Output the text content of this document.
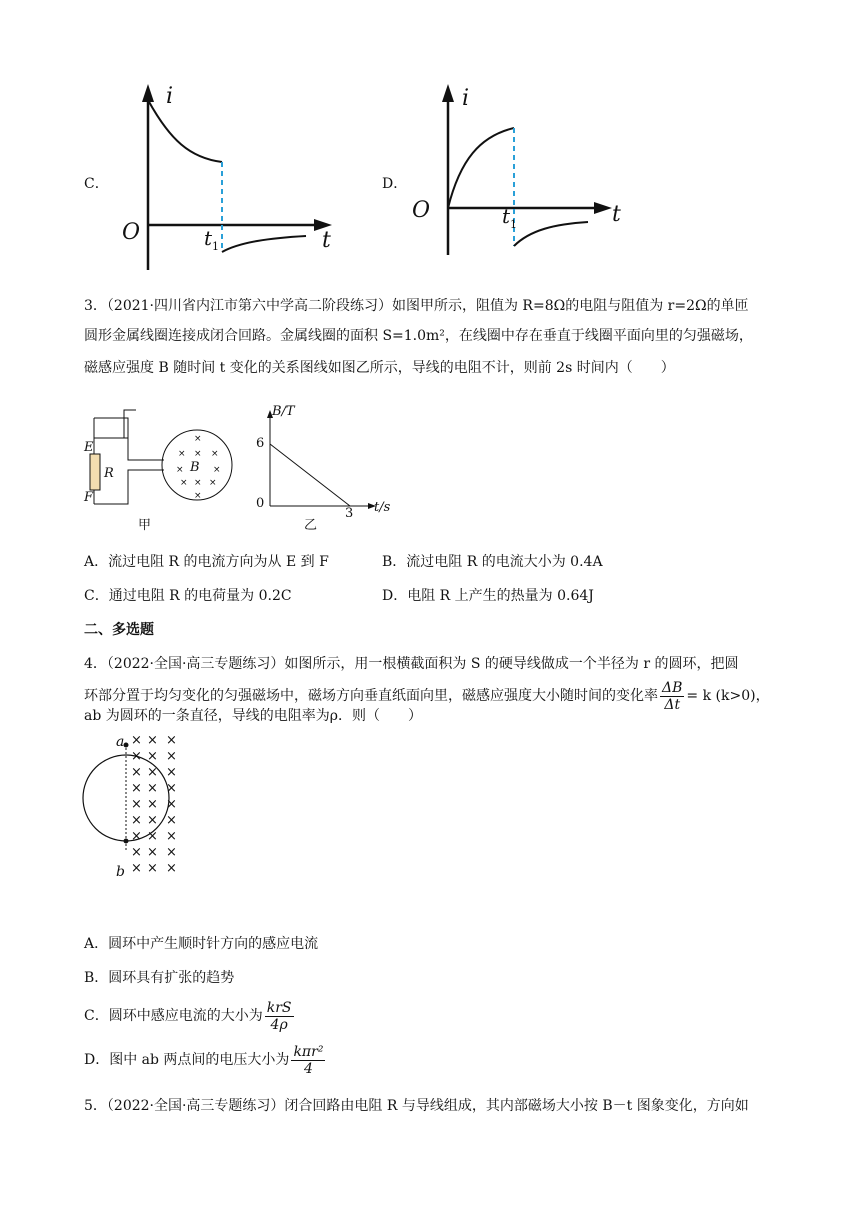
C．
i
t
O	$t_1$
D．
i
t
O	$t_1$
3．（2021·四川省内江市第六中学高二阶段练习）如图甲所示，阻值为 R=8Ω的电阻与阻值为 r=2Ω的单匝
圆形金属线圈连接成闭合回路。金属线圈的面积 S=1.0m²，在线圈中存在垂直于线圈平面向里的匀强磁场，
磁感应强度 B 随时间 t 变化的关系图线如图乙所示，导线的电阻不计，则前 2s 时间内（　　）
×
× × ×
×	×
× × ×
×
E
F
R	B
甲
B/T
t/s
6
0
3
乙
A．流过电阻 R 的电流方向为从 E 到 F	B．流过电阻 R 的电流大小为 0.4A
C．通过电阻 R 的电荷量为 0.2C	D．电阻 R 上产生的热量为 0.64J
二、多选题
4．（2022·全国·高三专题练习）如图所示，用一根横截面积为 S 的硬导线做成一个半径为 r 的圆环，把圆
环部分置于均匀变化的匀强磁场中，磁场方向垂直纸面向里，磁感应强度大小随时间的变化率 $\frac{\Delta B}{\Delta t} = k$ (k>0)，
ab 为圆环的一条直径，导线的电阻率为ρ．则（　　）
× × ×
× × ×
× × ×
× × ×
× × ×
× × ×
× × ×
× × ×
× × ×
a
b
A．圆环中产生顺时针方向的感应电流
B．圆环具有扩张的趋势
C．圆环中感应电流的大小为 $\frac{\text{krS}}{4\rho}$
D．图中 ab 两点间的电压大小为 $\frac{\text{kπr²}}{4}$
5．（2022·全国·高三专题练习）闭合回路由电阻 R 与导线组成，其内部磁场大小按 B－t 图象变化，方向如
